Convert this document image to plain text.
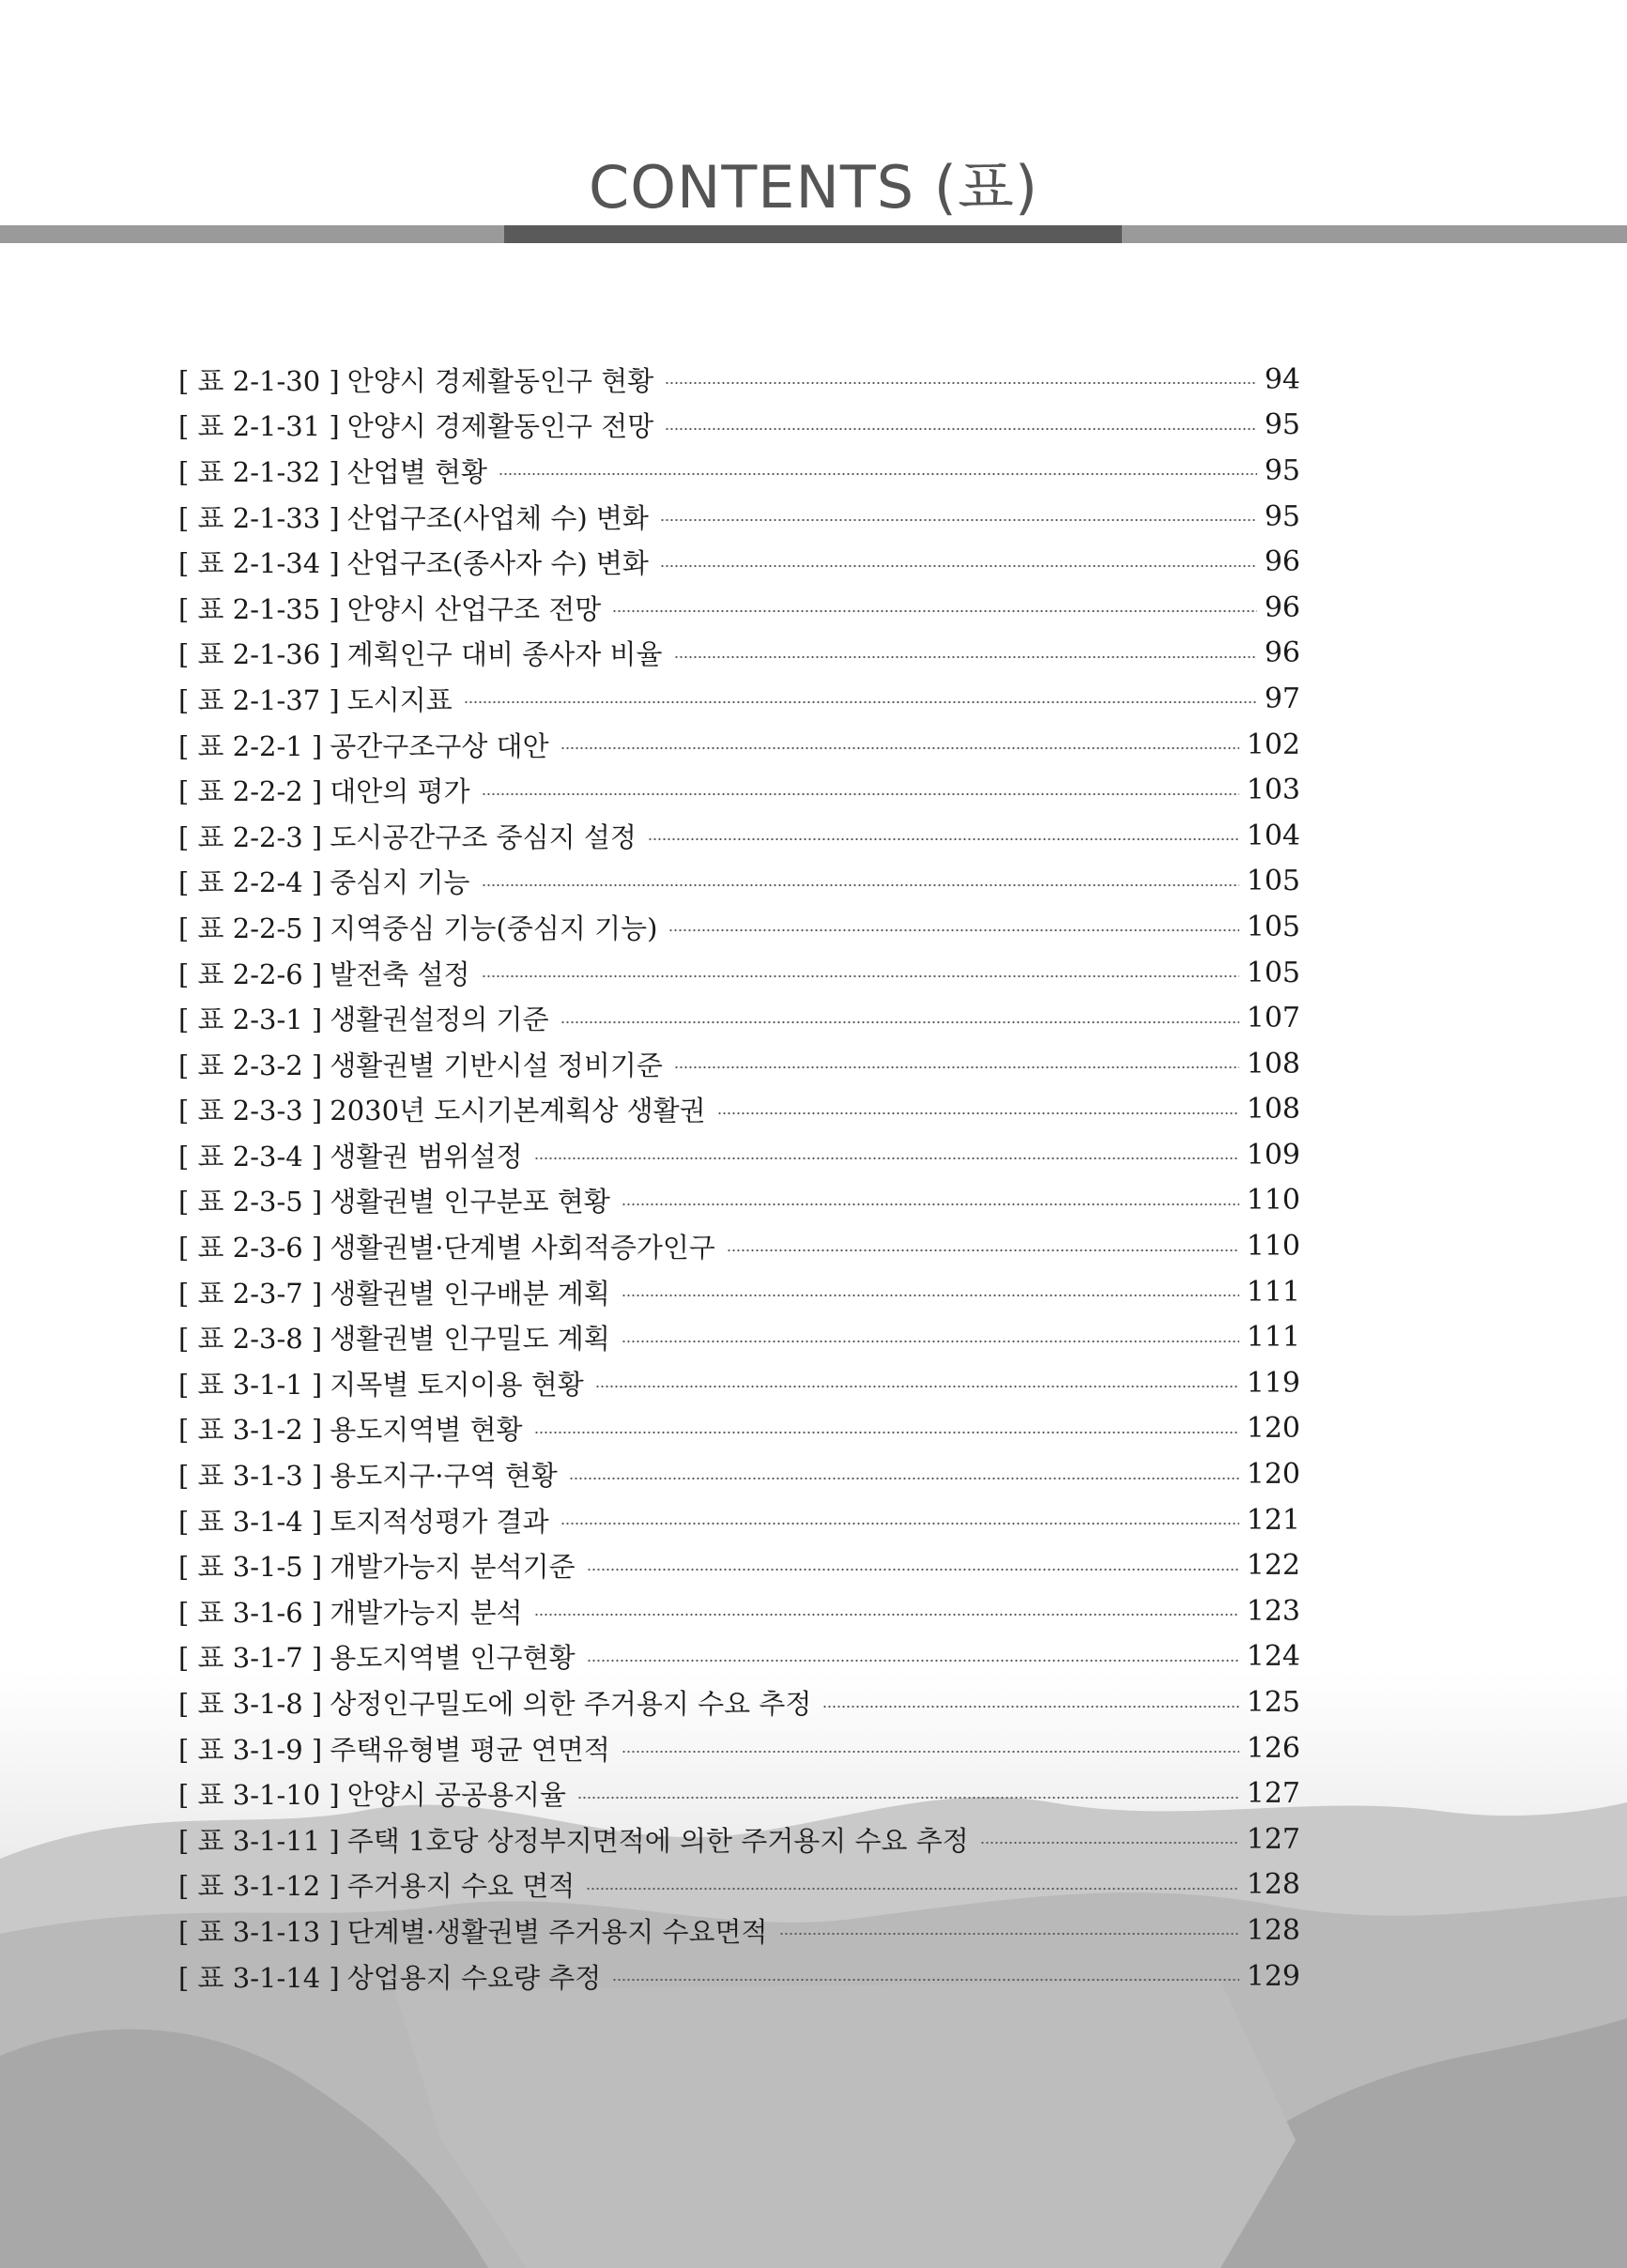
CONTENTS (표)
[ 표 2-1-30 ] 안양시 경제활동인구 현황	94
[ 표 2-1-31 ] 안양시 경제활동인구 전망	95
[ 표 2-1-32 ] 산업별 현황	95
[ 표 2-1-33 ] 산업구조(사업체 수) 변화	95
[ 표 2-1-34 ] 산업구조(종사자 수) 변화	96
[ 표 2-1-35 ] 안양시 산업구조 전망	96
[ 표 2-1-36 ] 계획인구 대비 종사자 비율	96
[ 표 2-1-37 ] 도시지표	97
[ 표 2-2-1 ] 공간구조구상 대안	102
[ 표 2-2-2 ] 대안의 평가	103
[ 표 2-2-3 ] 도시공간구조 중심지 설정	104
[ 표 2-2-4 ] 중심지 기능	105
[ 표 2-2-5 ] 지역중심 기능(중심지 기능)	105
[ 표 2-2-6 ] 발전축 설정	105
[ 표 2-3-1 ] 생활권설정의 기준	107
[ 표 2-3-2 ] 생활권별 기반시설 정비기준	108
[ 표 2-3-3 ] 2030년 도시기본계획상 생활권	108
[ 표 2-3-4 ] 생활권 범위설정	109
[ 표 2-3-5 ] 생활권별 인구분포 현황	110
[ 표 2-3-6 ] 생활권별·단계별 사회적증가인구	110
[ 표 2-3-7 ] 생활권별 인구배분 계획	111
[ 표 2-3-8 ] 생활권별 인구밀도 계획	111
[ 표 3-1-1 ] 지목별 토지이용 현황	119
[ 표 3-1-2 ] 용도지역별 현황	120
[ 표 3-1-3 ] 용도지구·구역 현황	120
[ 표 3-1-4 ] 토지적성평가 결과	121
[ 표 3-1-5 ] 개발가능지 분석기준	122
[ 표 3-1-6 ] 개발가능지 분석	123
[ 표 3-1-7 ] 용도지역별 인구현황	124
[ 표 3-1-8 ] 상정인구밀도에 의한 주거용지 수요 추정	125
[ 표 3-1-9 ] 주택유형별 평균 연면적	126
[ 표 3-1-10 ] 안양시 공공용지율	127
[ 표 3-1-11 ] 주택 1호당 상정부지면적에 의한 주거용지 수요 추정	127
[ 표 3-1-12 ] 주거용지 수요 면적	128
[ 표 3-1-13 ] 단계별·생활권별 주거용지 수요면적	128
[ 표 3-1-14 ] 상업용지 수요량 추정	129
